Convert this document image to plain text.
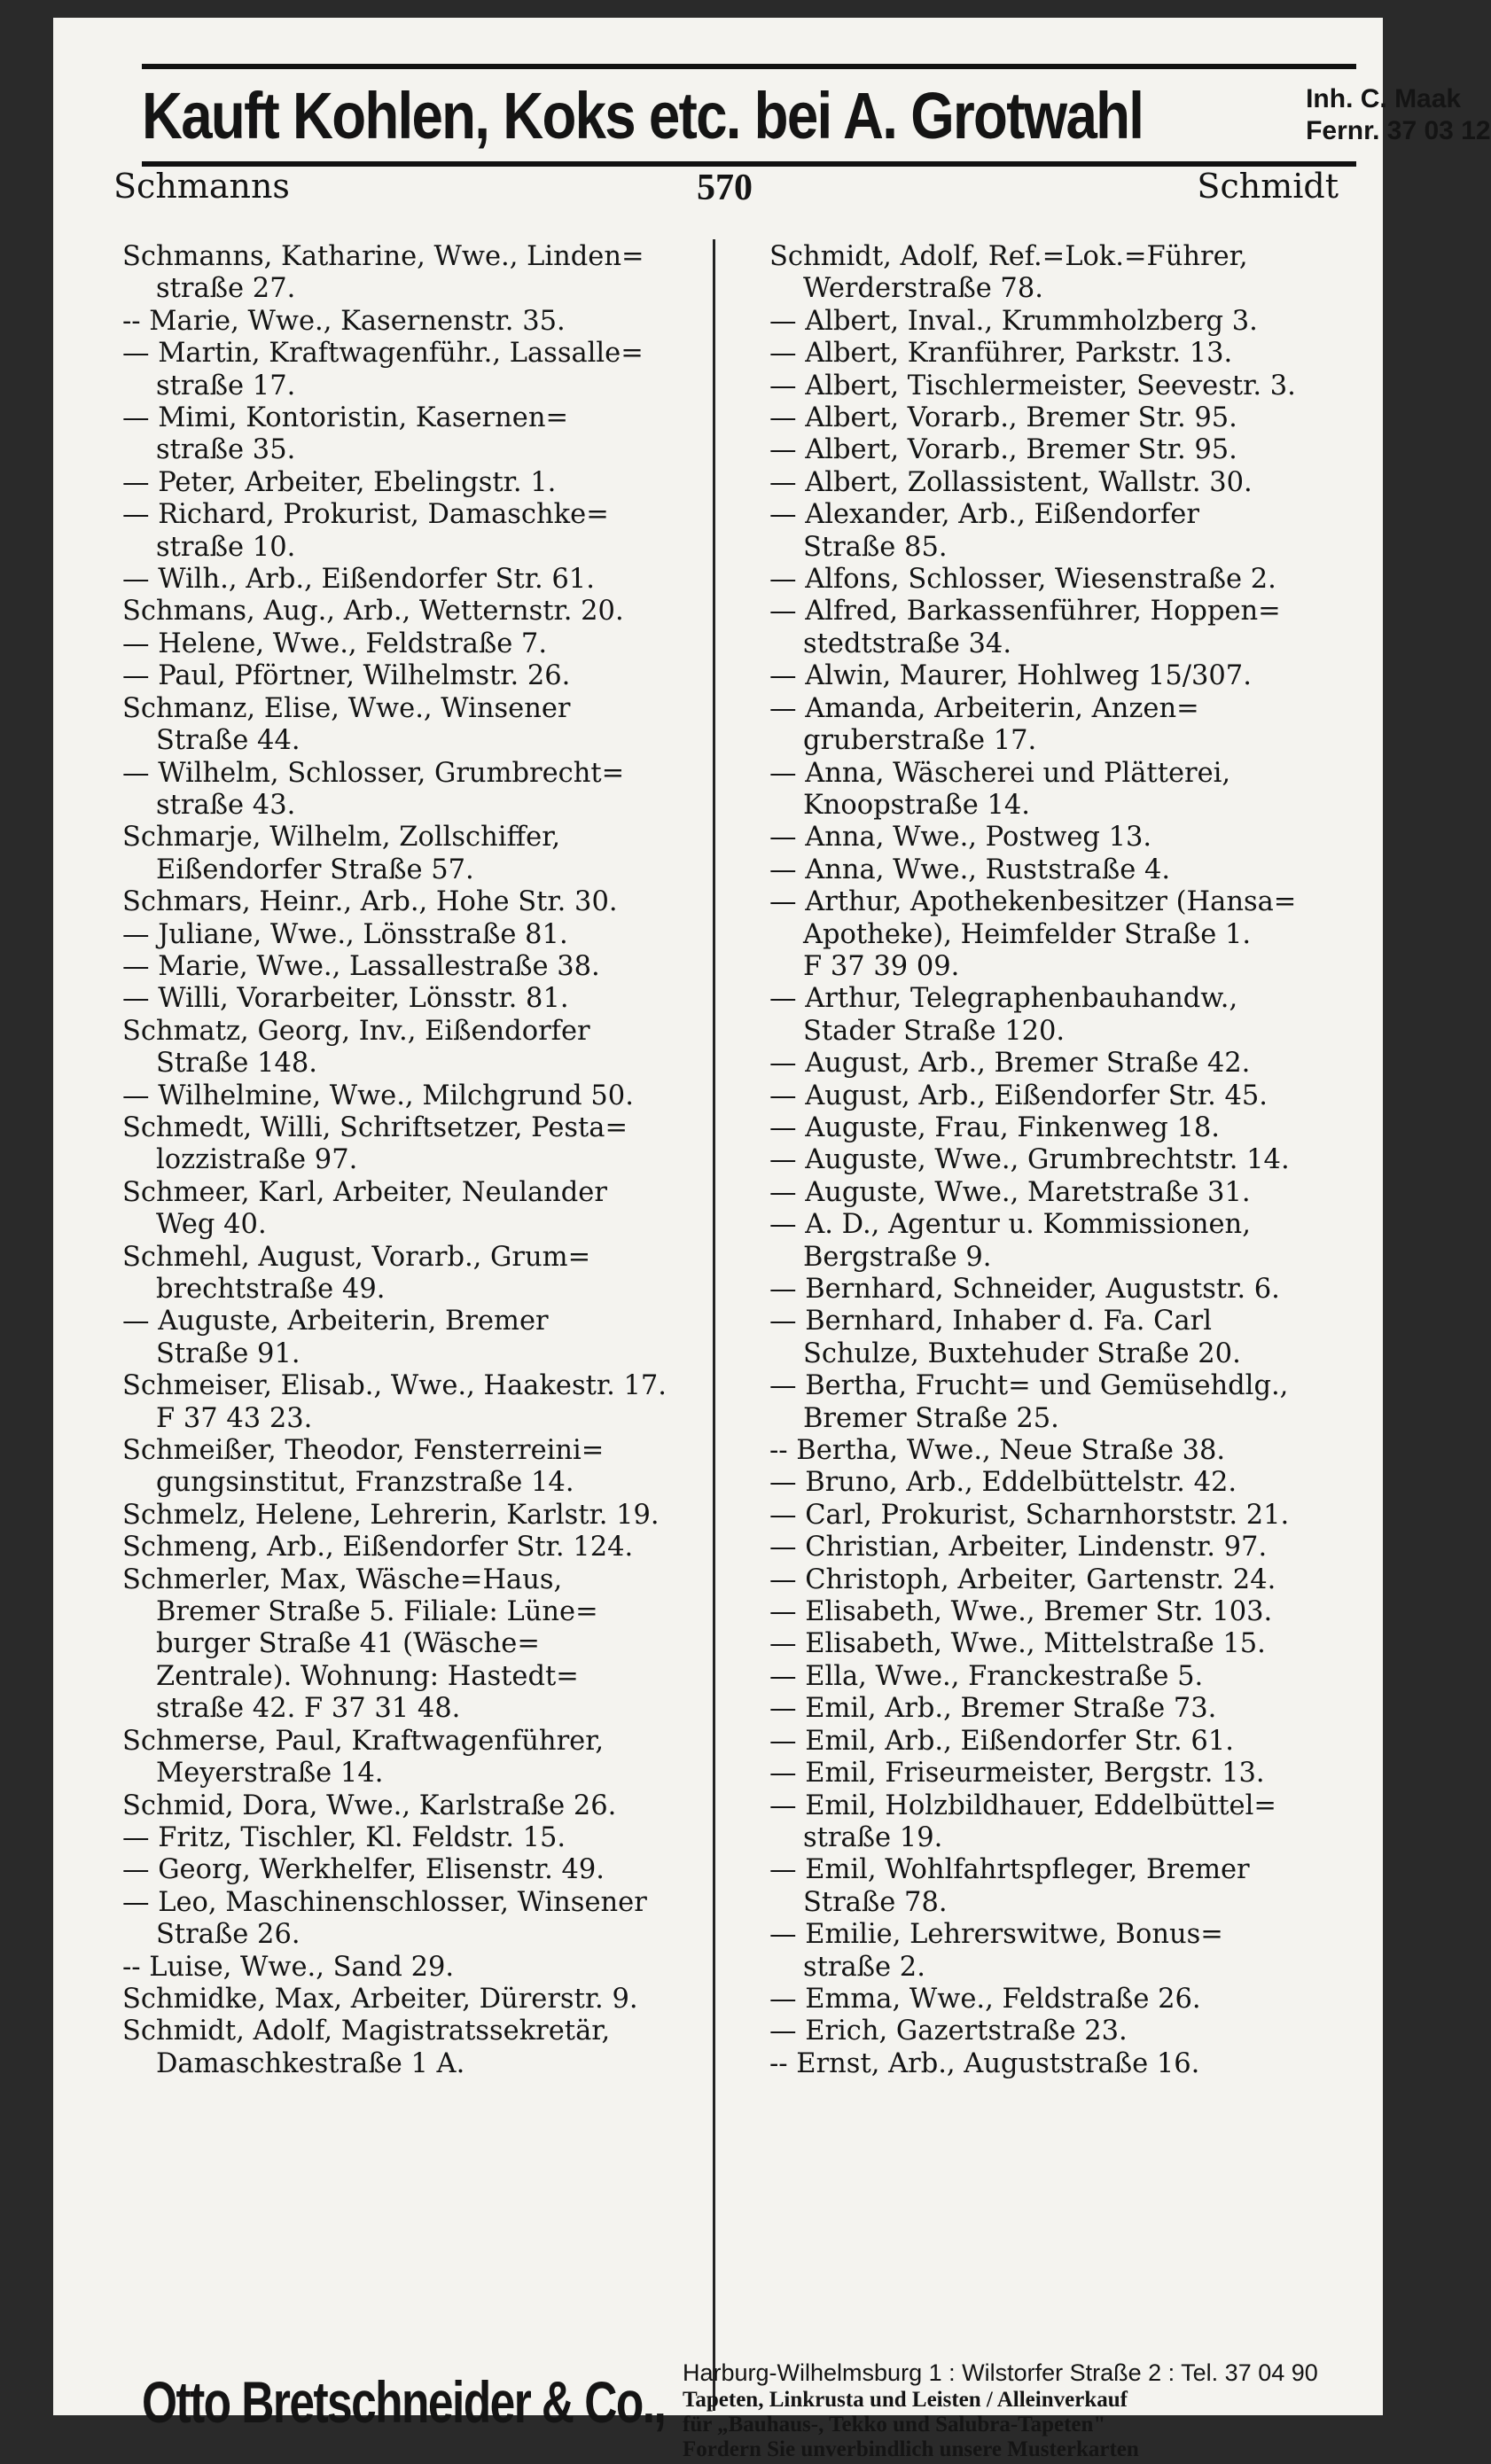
Kauft Kohlen, Koks etc. bei A. Grotwahl	Inh. C. Maak
Fernr. 37 03 12
Schmanns	570	Schmidt
Schmanns, Katharine, Wwe., Linden=
straße 27.
-- Marie, Wwe., Kasernenstr. 35.
— Martin, Kraftwagenführ., Lassalle=
straße 17.
— Mimi, Kontoristin, Kasernen=
straße 35.
— Peter, Arbeiter, Ebelingstr. 1.
— Richard, Prokurist, Damaschke=
straße 10.
— Wilh., Arb., Eißendorfer Str. 61.
Schmans, Aug., Arb., Wetternstr. 20.
— Helene, Wwe., Feldstraße 7.
— Paul, Pförtner, Wilhelmstr. 26.
Schmanz, Elise, Wwe., Winsener
Straße 44.
— Wilhelm, Schlosser, Grumbrecht=
straße 43.
Schmarje, Wilhelm, Zollschiffer,
Eißendorfer Straße 57.
Schmars, Heinr., Arb., Hohe Str. 30.
— Juliane, Wwe., Lönsstraße 81.
— Marie, Wwe., Lassallestraße 38.
— Willi, Vorarbeiter, Lönsstr. 81.
Schmatz, Georg, Inv., Eißendorfer
Straße 148.
— Wilhelmine, Wwe., Milchgrund 50.
Schmedt, Willi, Schriftsetzer, Pesta=
lozzistraße 97.
Schmeer, Karl, Arbeiter, Neulander
Weg 40.
Schmehl, August, Vorarb., Grum=
brechtstraße 49.
— Auguste, Arbeiterin, Bremer
Straße 91.
Schmeiser, Elisab., Wwe., Haakestr. 17.
F 37 43 23.
Schmeißer, Theodor, Fensterreini=
gungsinstitut, Franzstraße 14.
Schmelz, Helene, Lehrerin, Karlstr. 19.
Schmeng, Arb., Eißendorfer Str. 124.
Schmerler, Max, Wäsche=Haus,
Bremer Straße 5. Filiale: Lüne=
burger Straße 41 (Wäsche=
Zentrale). Wohnung: Hastedt=
straße 42. F 37 31 48.
Schmerse, Paul, Kraftwagenführer,
Meyerstraße 14.
Schmid, Dora, Wwe., Karlstraße 26.
— Fritz, Tischler, Kl. Feldstr. 15.
— Georg, Werkhelfer, Elisenstr. 49.
— Leo, Maschinenschlosser, Winsener
Straße 26.
-- Luise, Wwe., Sand 29.
Schmidke, Max, Arbeiter, Dürerstr. 9.
Schmidt, Adolf, Magistratssekretär,
Damaschkestraße 1 A.
Schmidt, Adolf, Ref.=Lok.=Führer,
Werderstraße 78.
— Albert, Inval., Krummholzberg 3.
— Albert, Kranführer, Parkstr. 13.
— Albert, Tischlermeister, Seevestr. 3.
— Albert, Vorarb., Bremer Str. 95.
— Albert, Vorarb., Bremer Str. 95.
— Albert, Zollassistent, Wallstr. 30.
— Alexander, Arb., Eißendorfer
Straße 85.
— Alfons, Schlosser, Wiesenstraße 2.
— Alfred, Barkassenführer, Hoppen=
stedtstraße 34.
— Alwin, Maurer, Hohlweg 15/307.
— Amanda, Arbeiterin, Anzen=
gruberstraße 17.
— Anna, Wäscherei und Plätterei,
Knoopstraße 14.
— Anna, Wwe., Postweg 13.
— Anna, Wwe., Ruststraße 4.
— Arthur, Apothekenbesitzer (Hansa=
Apotheke), Heimfelder Straße 1.
F 37 39 09.
— Arthur, Telegraphenbauhandw.,
Stader Straße 120.
— August, Arb., Bremer Straße 42.
— August, Arb., Eißendorfer Str. 45.
— Auguste, Frau, Finkenweg 18.
— Auguste, Wwe., Grumbrechtstr. 14.
— Auguste, Wwe., Maretstraße 31.
— A. D., Agentur u. Kommissionen,
Bergstraße 9.
— Bernhard, Schneider, Auguststr. 6.
— Bernhard, Inhaber d. Fa. Carl
Schulze, Buxtehuder Straße 20.
— Bertha, Frucht= und Gemüsehdlg.,
Bremer Straße 25.
-- Bertha, Wwe., Neue Straße 38.
— Bruno, Arb., Eddelbüttelstr. 42.
— Carl, Prokurist, Scharnhorststr. 21.
— Christian, Arbeiter, Lindenstr. 97.
— Christoph, Arbeiter, Gartenstr. 24.
— Elisabeth, Wwe., Bremer Str. 103.
— Elisabeth, Wwe., Mittelstraße 15.
— Ella, Wwe., Franckestraße 5.
— Emil, Arb., Bremer Straße 73.
— Emil, Arb., Eißendorfer Str. 61.
— Emil, Friseurmeister, Bergstr. 13.
— Emil, Holzbildhauer, Eddelbüttel=
straße 19.
— Emil, Wohlfahrtspfleger, Bremer
Straße 78.
— Emilie, Lehrerswitwe, Bonus=
straße 2.
— Emma, Wwe., Feldstraße 26.
— Erich, Gazertstraße 23.
-- Ernst, Arb., Auguststraße 16.
Otto Bretschneider & Co., Harburg-Wilhelmsburg 1 : Wilstorfer Straße 2 : Tel. 37 04 90
Tapeten, Linkrusta und Leisten / Alleinverkauf
für „Bauhaus-, Tekko und Salubra-Tapeten"
Fordern Sie unverbindlich unsere Musterkarten
